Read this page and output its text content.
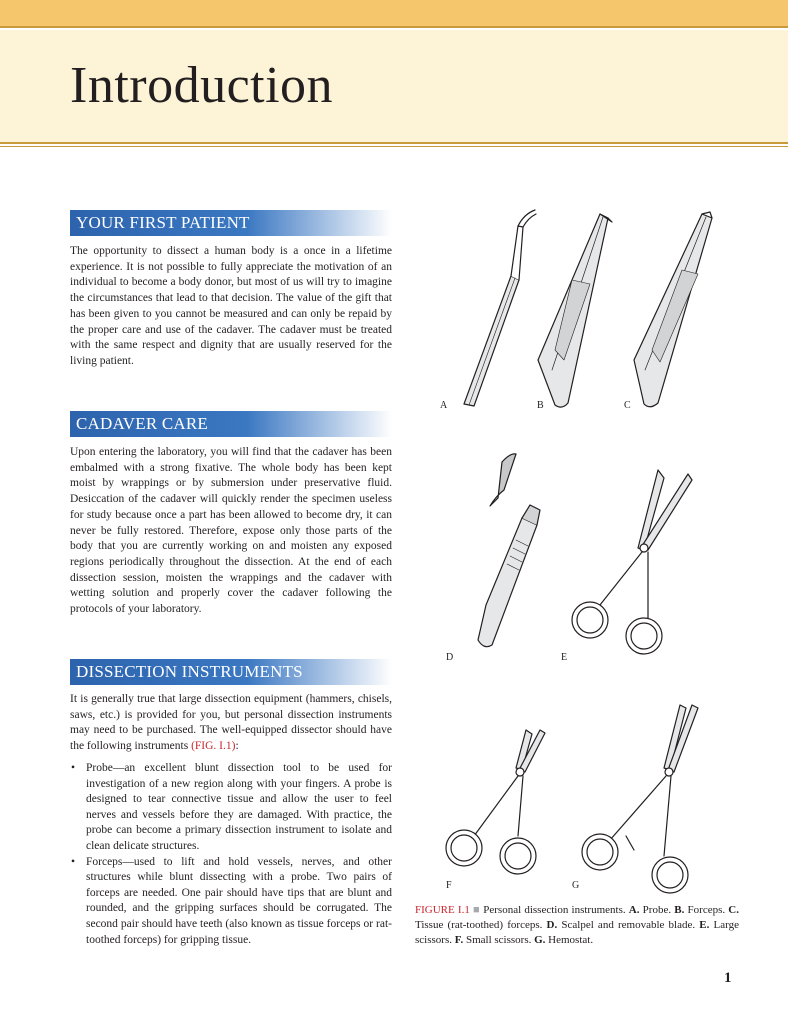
Introduction
YOUR FIRST PATIENT

The opportunity to dissect a human body is a once in a lifetime experience. It is not possible to fully appreciate the motivation of an individual to become a body donor, but most of us will try to imagine the circumstances that lead to that decision. The value of the gift that has been given to you cannot be measured and can only be repaid by the proper care and use of the cadaver. The cadaver must be treated with the same respect and dignity that are usually reserved for the living patient.

CADAVER CARE

Upon entering the laboratory, you will find that the cadaver has been embalmed with a strong fixative. The whole body has been kept moist by wrappings or by submersion under preservative fluid. Desiccation of the cadaver will quickly render the specimen useless for study because once a part has been allowed to become dry, it can never be fully restored. Therefore, expose only those parts of the body that you are currently working on and moisten any exposed regions periodically throughout the dissection. At the end of each dissection session, moisten the wrappings and the cadaver with wetting solution and properly cover the cadaver following the protocols of your laboratory.

DISSECTION INSTRUMENTS

It is generally true that large dissection equipment (hammers, chisels, saws, etc.) is provided for you, but personal dissection instruments may need to be purchased. The well-equipped dissector should have the following instruments (FIG. I.1):

• Probe—an excellent blunt dissection tool to be used for investigation of a new region along with your fingers. A probe is designed to tear connective tissue and allow the user to feel nerves and vessels before they are damaged. With practice, the probe can become a primary dissection instrument to isolate and clean delicate structures.
• Forceps—used to lift and hold vessels, nerves, and other structures while blunt dissecting with a probe. Two pairs of forceps are needed. One pair should have tips that are blunt and rounded, and the gripping surfaces should be corrugated. The second pair should have teeth (also known as tissue forceps or rat-toothed forceps) for gripping tissue.
A	B	C
D	E
F	G

FIGURE I.1 ■ Personal dissection instruments. A. Probe. B. Forceps. C. Tissue (rat-toothed) forceps. D. Scalpel and removable blade. E. Large scissors. F. Small scissors. G. Hemostat.

1
